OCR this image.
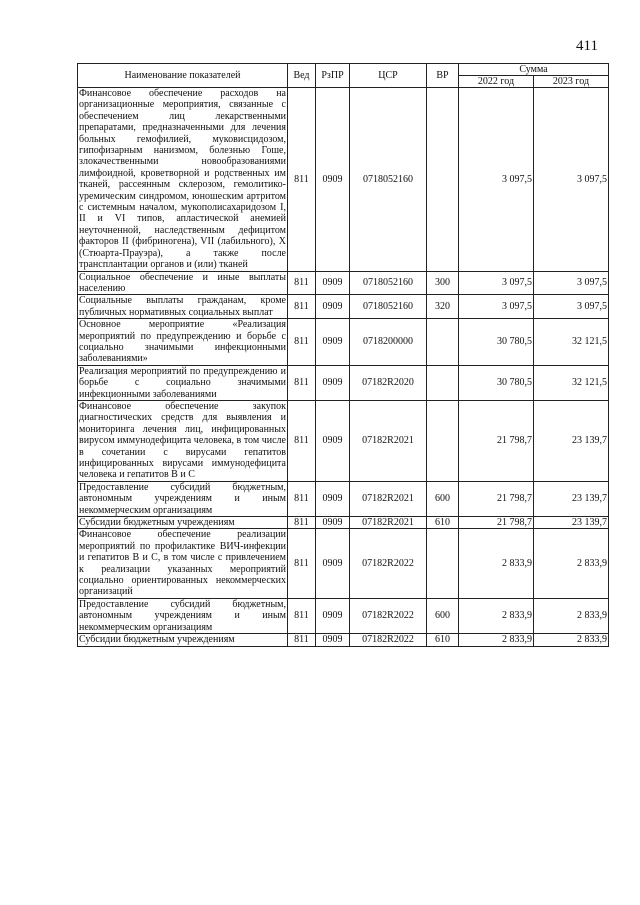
411
Наименование показателей	Вед	РзПР	ЦСР	ВР	Сумма	
					2022 год	2023 год
Финансовое обеспечение расходов на организационные мероприятия, связанные с обеспечением лиц лекарственными препаратами, предназначенными для лечения больных гемофилией, муковисцидозом, гипофизарным нанизмом, болезнью Гоше, злокачественными новообразованиями лимфоидной, кроветворной и родственных им тканей, рассеянным склерозом, гемолитико-уремическим синдромом, юношеским артритом с системным началом, мукополисахаридозом I, II и VI типов, апластической анемией неуточненной, наследственным дефицитом факторов II (фибриногена), VII (лабильного), X (Стюарта-Прауэра), а также после трансплантации органов и (или) тканей	811	0909	0718052160		3 097,5	3 097,5
Социальное обеспечение и иные выплаты населению	811	0909	0718052160	300	3 097,5	3 097,5
Социальные выплаты гражданам, кроме публичных нормативных социальных выплат	811	0909	0718052160	320	3 097,5	3 097,5
Основное мероприятие «Реализация мероприятий по предупреждению и борьбе с социально значимыми инфекционными заболеваниями»	811	0909	0718200000		30 780,5	32 121,5
Реализация мероприятий по предупреждению и борьбе с социально значимыми инфекционными заболеваниями	811	0909	07182R2020		30 780,5	32 121,5
Финансовое обеспечение закупок диагностических средств для выявления и мониторинга лечения лиц, инфицированных вирусом иммунодефицита человека, в том числе в сочетании с вирусами гепатитов инфицированных вирусами иммунодефицита человека и гепатитов В и С	811	0909	07182R2021		21 798,7	23 139,7
Предоставление субсидий бюджетным, автономным учреждениям и иным некоммерческим организациям	811	0909	07182R2021	600	21 798,7	23 139,7
Субсидии бюджетным учреждениям	811	0909	07182R2021	610	21 798,7	23 139,7
Финансовое обеспечение реализации мероприятий по профилактике ВИЧ-инфекции и гепатитов В и С, в том числе с привлечением к реализации указанных мероприятий социально ориентированных некоммерческих организаций	811	0909	07182R2022		2 833,9	2 833,9
Предоставление субсидий бюджетным, автономным учреждениям и иным некоммерческим организациям	811	0909	07182R2022	600	2 833,9	2 833,9
Субсидии бюджетным учреждениям	811	0909	07182R2022	610	2 833,9	2 833,9
